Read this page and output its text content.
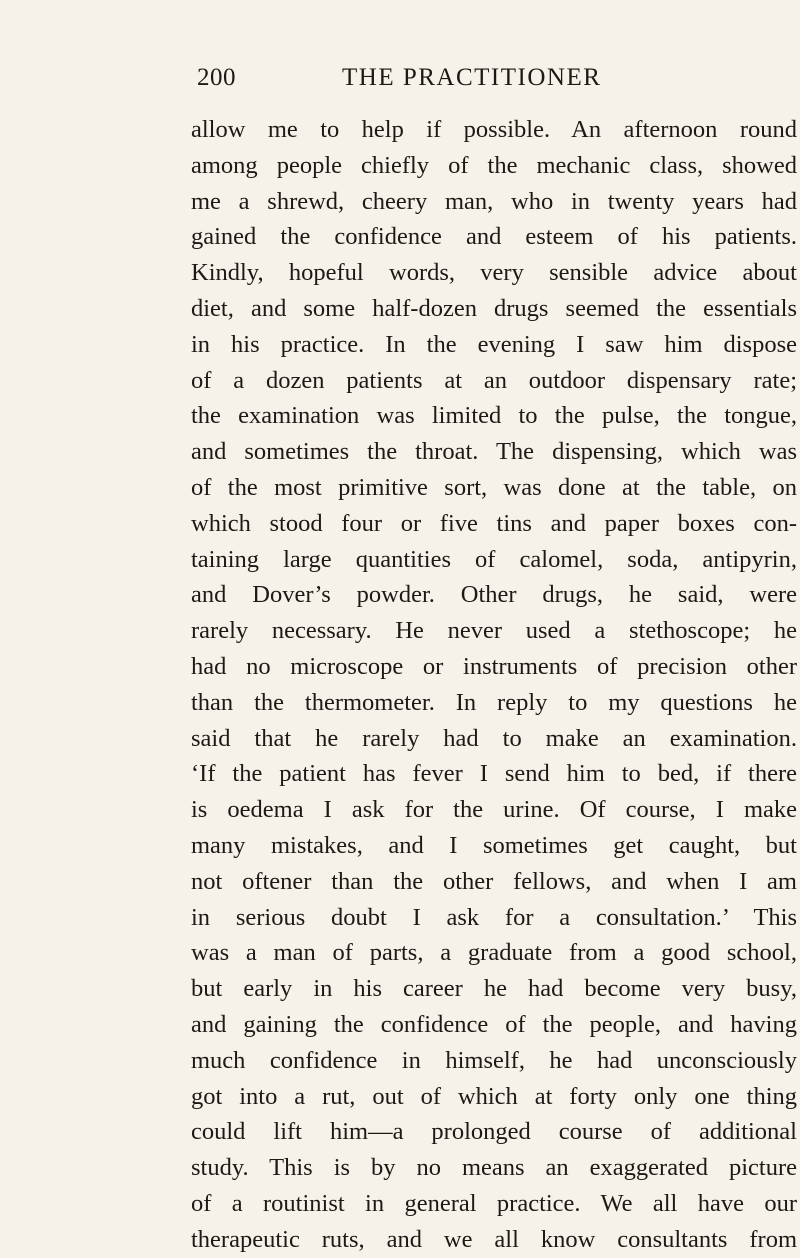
200	THE PRACTITIONER
allow me to help if possible. An afternoon round
among people chiefly of the mechanic class, showed
me a shrewd, cheery man, who in twenty years had
gained the confidence and esteem of his patients.
Kindly, hopeful words, very sensible advice about
diet, and some half-dozen drugs seemed the essentials
in his practice. In the evening I saw him dispose
of a dozen patients at an outdoor dispensary rate;
the examination was limited to the pulse, the tongue,
and sometimes the throat. The dispensing, which was
of the most primitive sort, was done at the table, on
which stood four or five tins and paper boxes con-
taining large quantities of calomel, soda, antipyrin,
and Dover’s powder. Other drugs, he said, were
rarely necessary. He never used a stethoscope; he
had no microscope or instruments of precision other
than the thermometer. In reply to my questions he
said that he rarely had to make an examination.
‘If the patient has fever I send him to bed, if there
is oedema I ask for the urine. Of course, I make
many mistakes, and I sometimes get caught, but
not oftener than the other fellows, and when I am
in serious doubt I ask for a consultation.’ This
was a man of parts, a graduate from a good school,
but early in his career he had become very busy,
and gaining the confidence of the people, and having
much confidence in himself, he had unconsciously
got into a rut, out of which at forty only one thing
could lift him—a prolonged course of additional
study. This is by no means an exaggerated picture
of a routinist in general practice. We all have our
therapeutic ruts, and we all know consultants from
